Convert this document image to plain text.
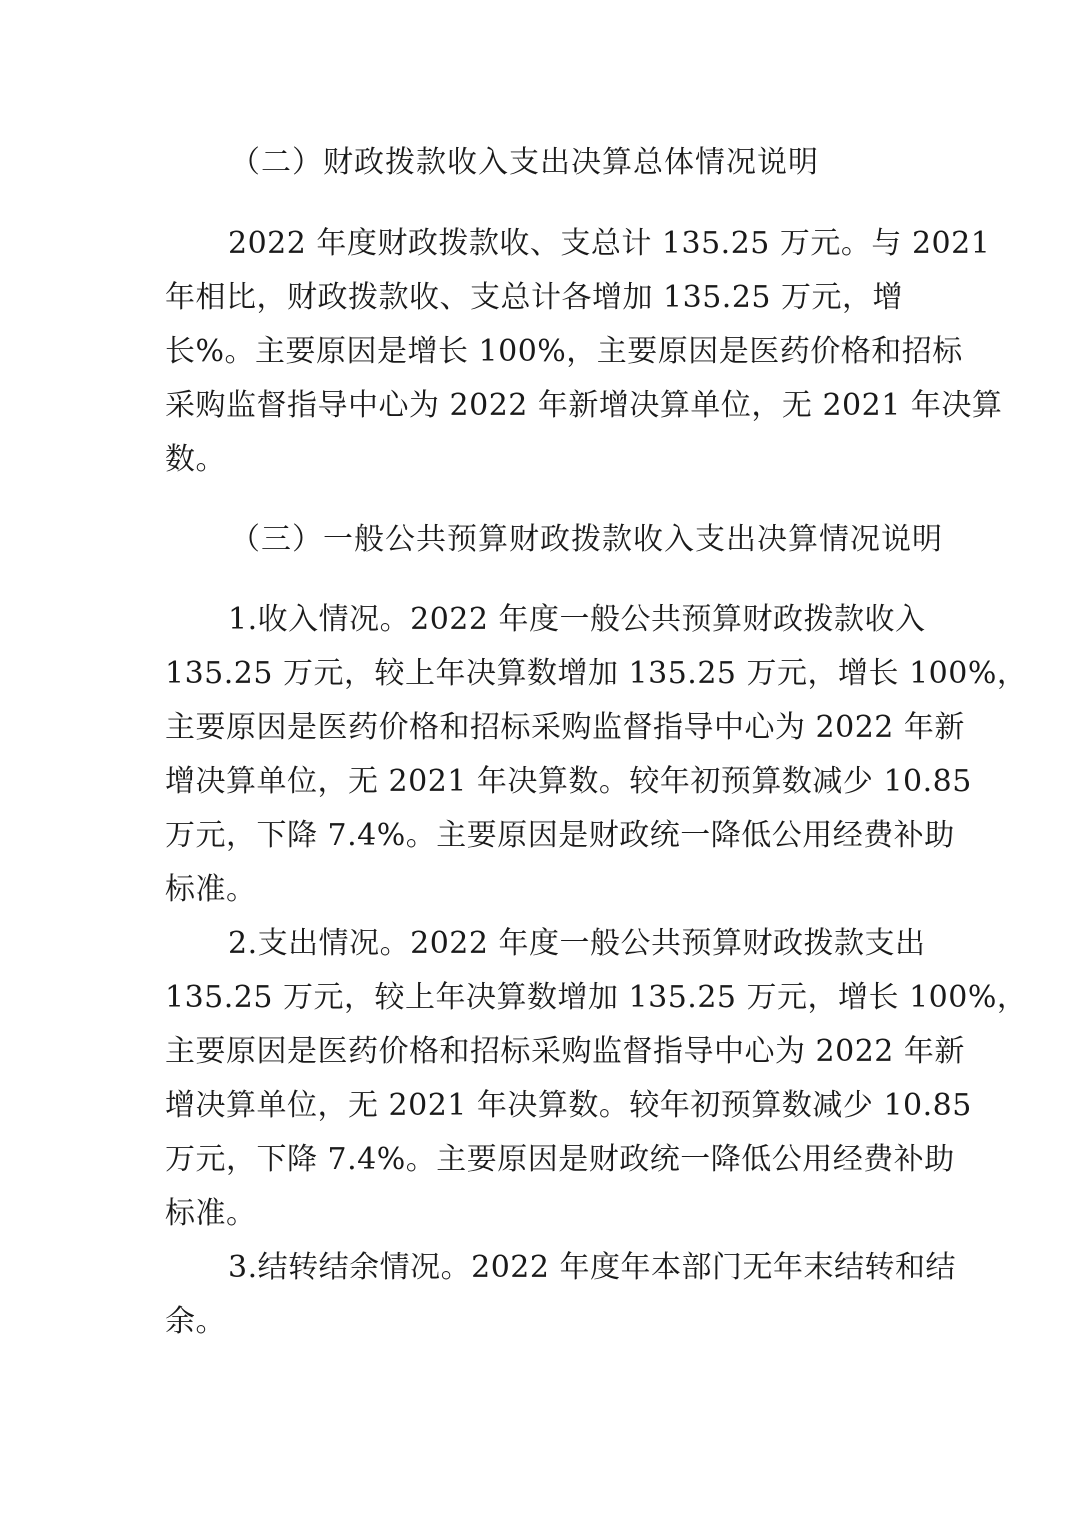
（二）财政拨款收入支出决算总体情况说明
2022 年度财政拨款收、支总计 135.25 万元。与 2021
年相比，财政拨款收、支总计各增加 135.25 万元，增
长%。主要原因是增长 100%，主要原因是医药价格和招标
采购监督指导中心为 2022 年新增决算单位，无 2021 年决算
数。
（三）一般公共预算财政拨款收入支出决算情况说明
1.收入情况。2022 年度一般公共预算财政拨款收入
135.25 万元，较上年决算数增加 135.25 万元，增长 100%，
主要原因是医药价格和招标采购监督指导中心为 2022 年新
增决算单位，无 2021 年决算数。较年初预算数减少 10.85
万元，下降 7.4%。主要原因是财政统一降低公用经费补助
标准。
2.支出情况。2022 年度一般公共预算财政拨款支出
135.25 万元，较上年决算数增加 135.25 万元，增长 100%，
主要原因是医药价格和招标采购监督指导中心为 2022 年新
增决算单位，无 2021 年决算数。较年初预算数减少 10.85
万元，下降 7.4%。主要原因是财政统一降低公用经费补助
标准。
3.结转结余情况。2022 年度年本部门无年末结转和结
余。
